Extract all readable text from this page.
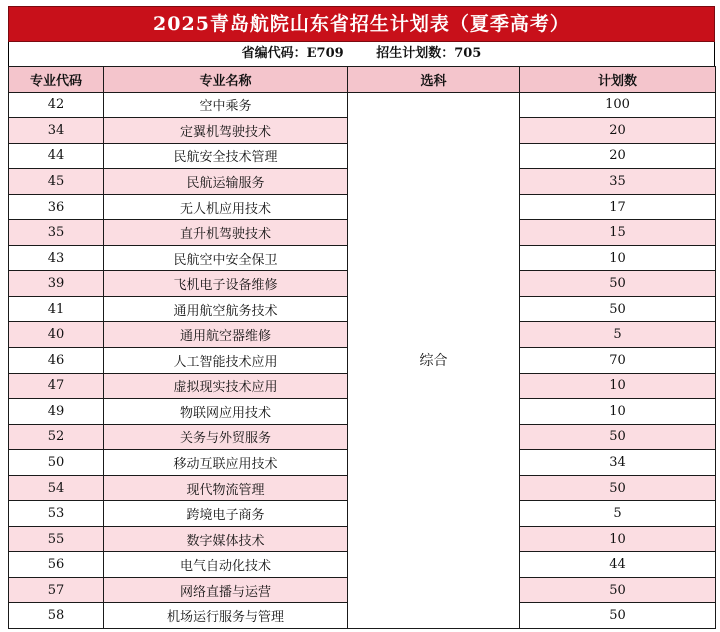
2025青岛航院山东省招生计划表（夏季高考）
省编代码：E709	招生计划数：705
专业代码	专业名称	选科	计划数
42	空中乘务	综合	100
34	定翼机驾驶技术		20
44	民航安全技术管理		20
45	民航运输服务		35
36	无人机应用技术		17
35	直升机驾驶技术		15
43	民航空中安全保卫		10
39	飞机电子设备维修		50
41	通用航空航务技术		50
40	通用航空器维修		5
46	人工智能技术应用		70
47	虚拟现实技术应用		10
49	物联网应用技术		10
52	关务与外贸服务		50
50	移动互联应用技术		34
54	现代物流管理		50
53	跨境电子商务		5
55	数字媒体技术		10
56	电气自动化技术		44
57	网络直播与运营		50
58	机场运行服务与管理		50
